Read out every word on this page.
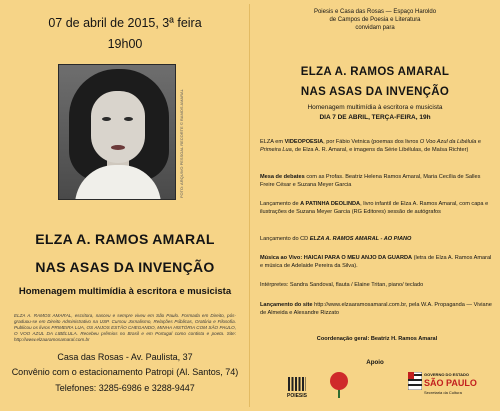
07 de abril de 2015, 3ª feira
19h00
FOTO: ARQUIVO PESSOAL RECORTE © RAMOS AMARAL
ELZA A. RAMOS AMARAL
NAS ASAS DA INVENÇÃO
Homenagem multimídia à escritora e musicista
ELZA A. RAMOS AMARAL, escritora, nasceu e sempre viveu em São Paulo. Formada em Direito, pós-graduou-se em Direito Administrativo na USP. Cursou Jornalismo, Relações Públicas, Oratória e Filosofia. Publicou os livros PRIMEIRA LUA, OS ANJOS ESTÃO CHEGANDO, MINHA HISTÓRIA COM SÃO PAULO, O VOO AZUL DA LIBÉLULA. Recebeu prêmios no Brasil e em Portugal como contista e poeta. Site: http://www.elzaaramosamaral.com.br
Casa das Rosas - Av. Paulista, 37
Convênio com o estacionamento Patropi (Al. Santos, 74)
Telefones: 3285-6986 e 3288-9447
Poiesis e Casa das Rosas — Espaço Haroldo
de Campos de Poesia e Literatura
convidam para
ELZA A. RAMOS AMARAL
NAS ASAS DA INVENÇÃO
Homenagem multimídia à escritora e musicista
DIA 7 DE ABRIL, TERÇA-FEIRA, 19h
ELZA em VIDEOPOESIA, por Fábio Vetnica (poemas dos livros O Voo Azul da Libélula e Primeira Lua, de Elza A. R. Amaral, e imagens da Série Libélulas, de Maísa Richter)
Mesa de debates com as Profas. Beatriz Helena Ramos Amaral, Maria Cecília de Salles Freire César e Suzana Meyer Garcia
Lançamento de A PATINHA DEOLINDA, livro infantil de Elza A. Ramos Amaral, com capa e ilustrações de Suzana Meyer Garcia (RG Editores) sessão de autógrafos
Lançamento do CD ELZA A. RAMOS AMARAL - AO PIANO
Música ao Vivo: HAICAI PARA O MEU ANJO DA GUARDA (letra de Elza A. Ramos Amaral e música de Adelaide Pereira da Silva).
Intérpretes: Sandra Sandoval, flauta / Elaine Tritan, piano/ teclado
Lançamento do site http://www.elzaaramosamaral.com.br, pela W.A. Propaganda — Viviane de Almeida e Alexandre Rizzato
Coordenação geral: Beatriz H. Ramos Amaral
Apoio
POIESIS
GOVERNO DO ESTADO
SÃO PAULO
Secretaria da Cultura
